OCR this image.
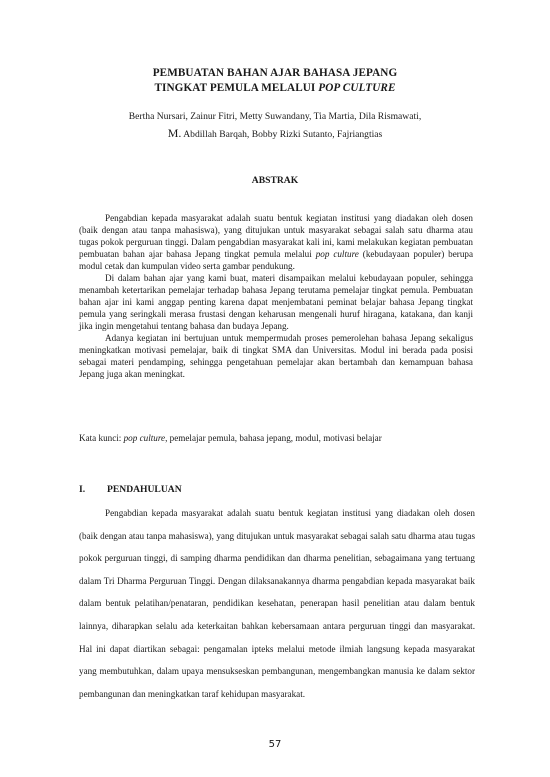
PEMBUATAN BAHAN AJAR BAHASA JEPANG
TINGKAT PEMULA MELALUI POP CULTURE
Bertha Nursari, Zainur Fitri, Metty Suwandany, Tia Martia, Dila Rismawati,
M. Abdillah Barqah, Bobby Rizki Sutanto, Fajriangtias
ABSTRAK

Pengabdian kepada masyarakat adalah suatu bentuk kegiatan institusi yang diadakan oleh dosen (baik dengan atau tanpa mahasiswa), yang ditujukan untuk masyarakat sebagai salah satu dharma atau tugas pokok perguruan tinggi. Dalam pengabdian masyarakat kali ini, kami melakukan kegiatan pembuatan pembuatan bahan ajar bahasa Jepang tingkat pemula melalui pop culture (kebudayaan populer) berupa modul cetak dan kumpulan video serta gambar pendukung.

Di dalam bahan ajar yang kami buat, materi disampaikan melalui kebudayaan populer, sehingga menambah ketertarikan pemelajar terhadap bahasa Jepang terutama pemelajar tingkat pemula. Pembuatan bahan ajar ini kami anggap penting karena dapat menjembatani peminat belajar bahasa Jepang tingkat pemula yang seringkali merasa frustasi dengan keharusan mengenali huruf hiragana, katakana, dan kanji jika ingin mengetahui tentang bahasa dan budaya Jepang.

Adanya kegiatan ini bertujuan untuk mempermudah proses pemerolehan bahasa Jepang sekaligus meningkatkan motivasi pemelajar, baik di tingkat SMA dan Universitas. Modul ini berada pada posisi sebagai materi pendamping, sehingga pengetahuan pemelajar akan bertambah dan kemampuan bahasa Jepang juga akan meningkat.

Kata kunci: pop culture, pemelajar pemula, bahasa jepang, modul, motivasi belajar
I. PENDAHULUAN

Pengabdian kepada masyarakat adalah suatu bentuk kegiatan institusi yang diadakan oleh dosen (baik dengan atau tanpa mahasiswa), yang ditujukan untuk masyarakat sebagai salah satu dharma atau tugas pokok perguruan tinggi, di samping dharma pendidikan dan dharma penelitian, sebagaimana yang tertuang dalam Tri Dharma Perguruan Tinggi. Dengan dilaksanakannya dharma pengabdian kepada masyarakat baik dalam bentuk pelatihan/penataran, pendidikan kesehatan, penerapan hasil penelitian atau dalam bentuk lainnya, diharapkan selalu ada keterkaitan bahkan kebersamaan antara perguruan tinggi dan masyarakat. Hal ini dapat diartikan sebagai: pengamalan ipteks melalui metode ilmiah langsung kepada masyarakat yang membutuhkan, dalam upaya mensukseskan pembangunan, mengembangkan manusia ke dalam sektor pembangunan dan meningkatkan taraf kehidupan masyarakat.

57
